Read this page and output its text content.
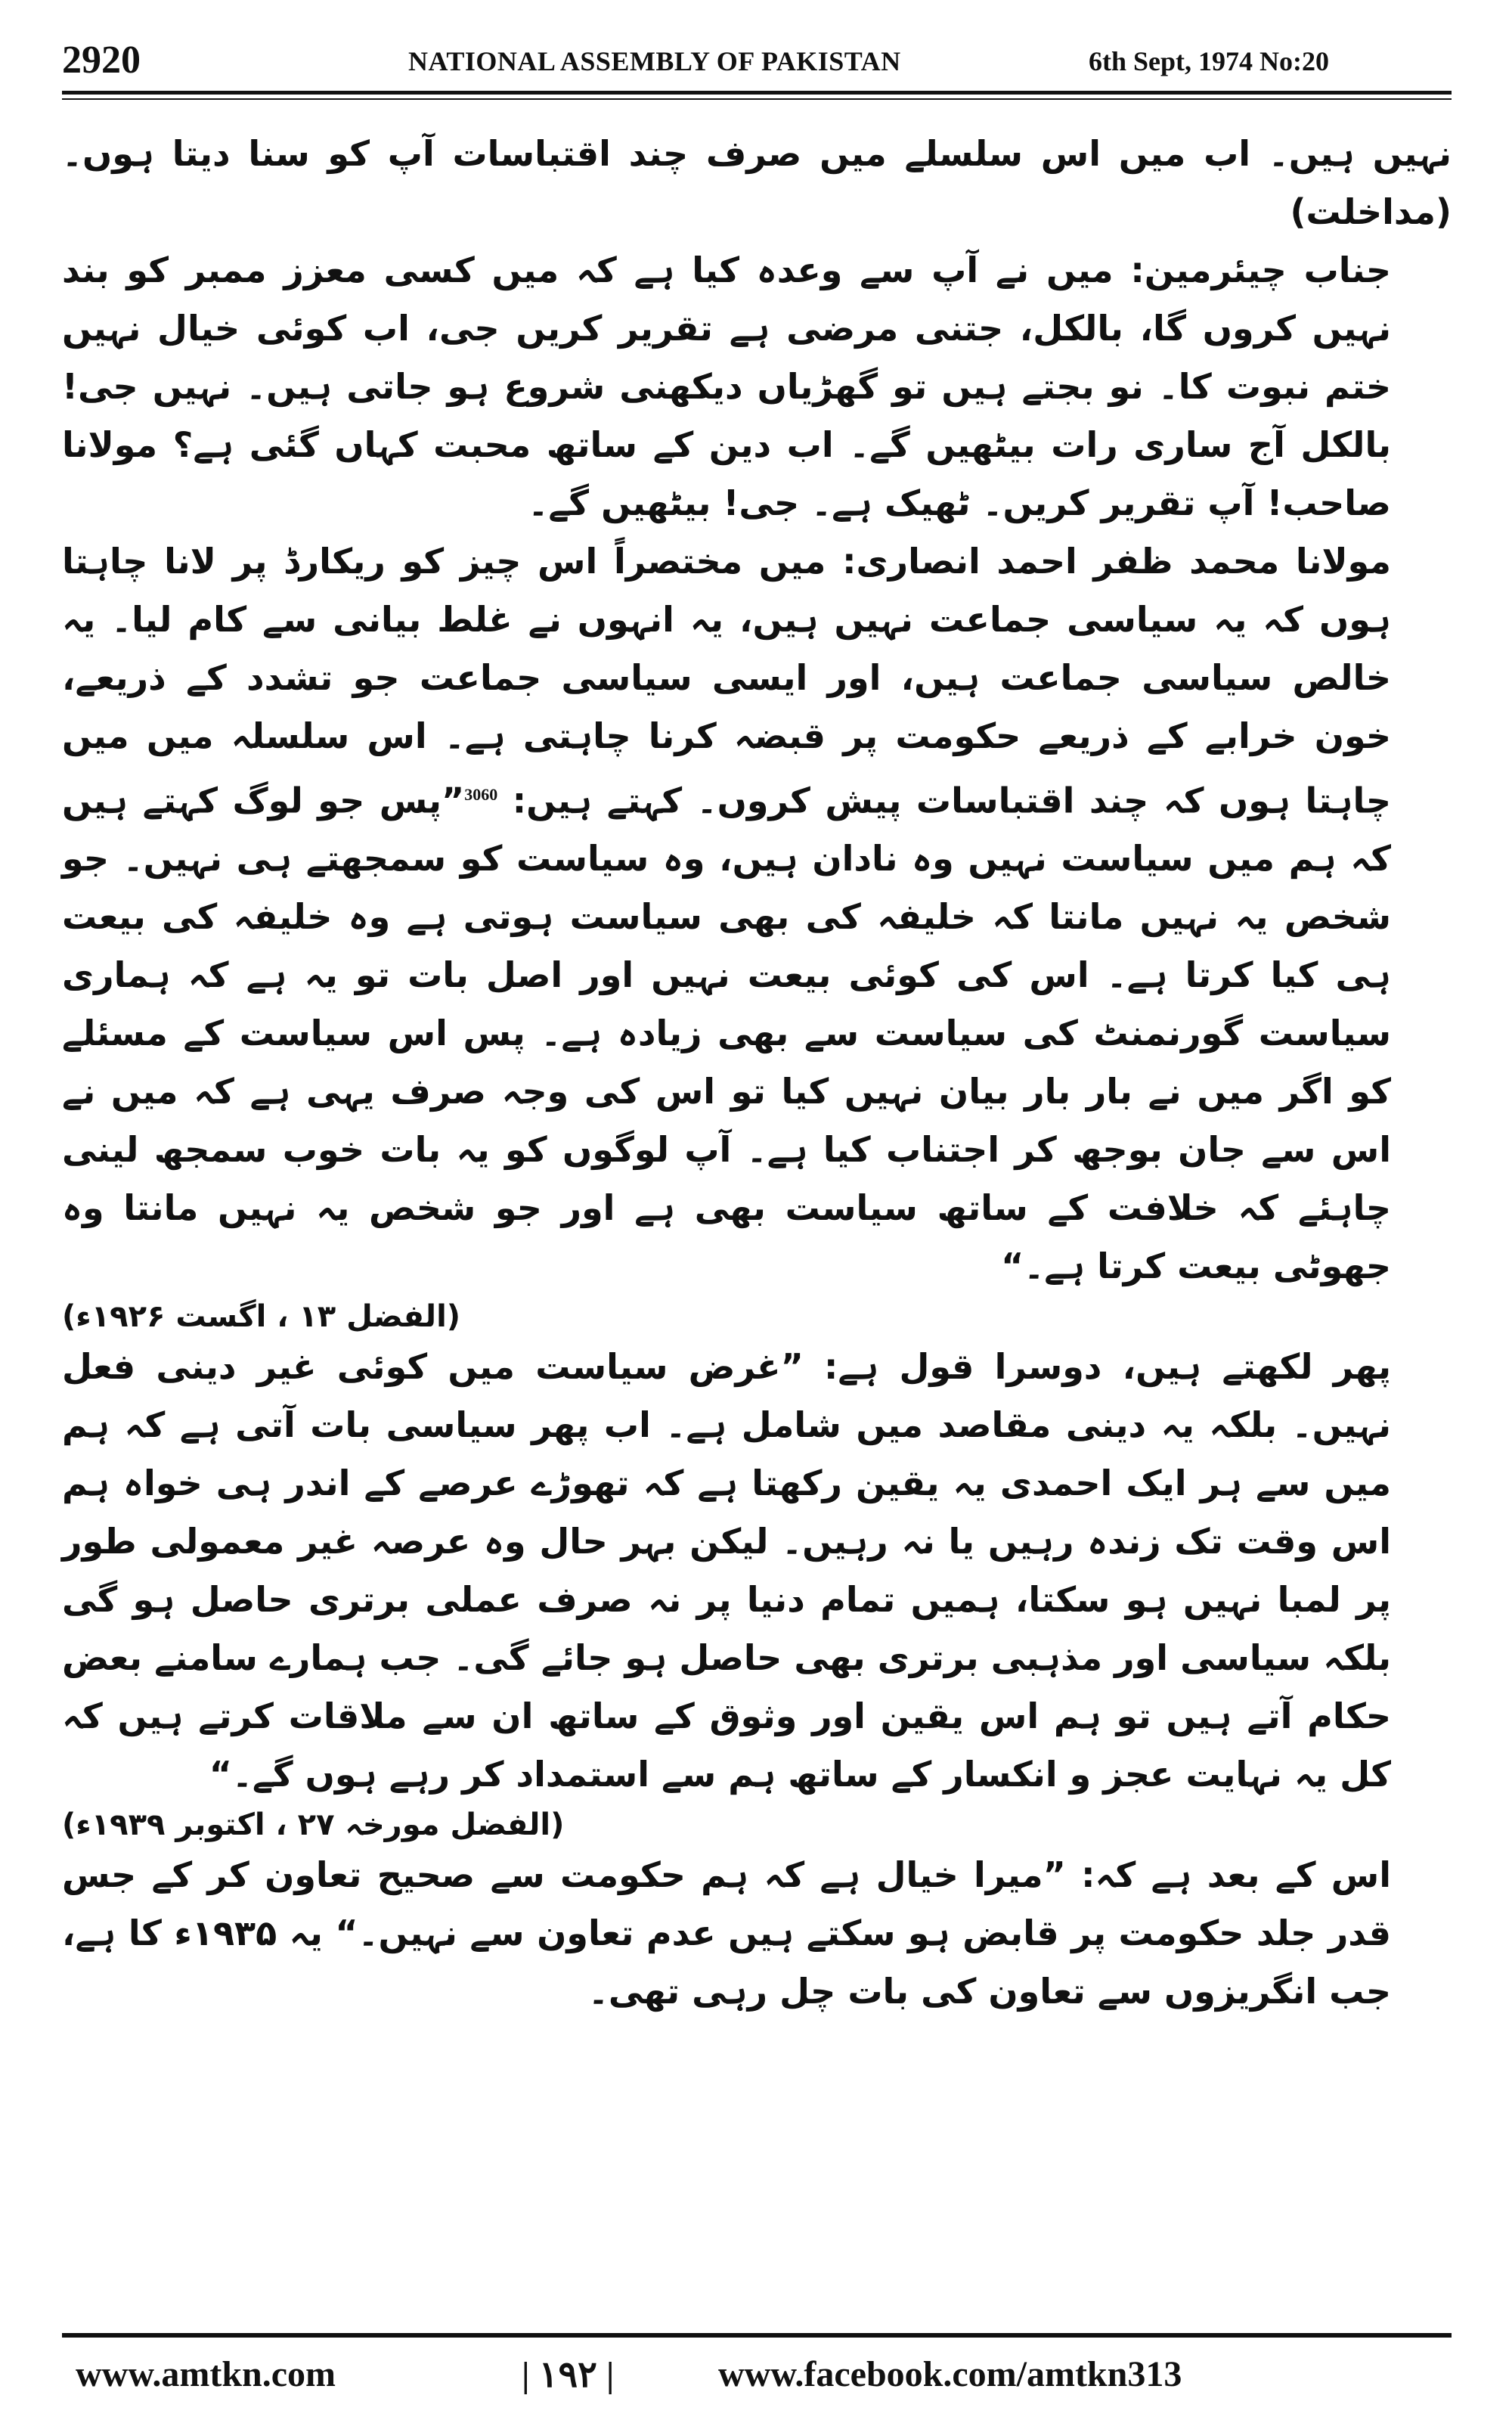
2920	NATIONAL ASSEMBLY OF PAKISTAN	6th Sept, 1974 No:20

نہیں ہیں۔ اب میں اس سلسلے میں صرف چند اقتباسات آپ کو سنا دیتا ہوں۔ (مداخلت)

جناب چیئرمین: میں نے آپ سے وعدہ کیا ہے کہ میں کسی معزز ممبر کو بند نہیں کروں گا، بالکل، جتنی مرضی ہے تقریر کریں جی، اب کوئی خیال نہیں ختم نبوت کا۔ نو بجتے ہیں تو گھڑیاں دیکھنی شروع ہو جاتی ہیں۔ نہیں جی! بالکل آج ساری رات بیٹھیں گے۔ اب دین کے ساتھ محبت کہاں گئی ہے؟ مولانا صاحب! آپ تقریر کریں۔ ٹھیک ہے۔ جی! بیٹھیں گے۔

مولانا محمد ظفر احمد انصاری: میں مختصراً اس چیز کو ریکارڈ پر لانا چاہتا ہوں کہ یہ سیاسی جماعت نہیں ہیں، یہ انہوں نے غلط بیانی سے کام لیا۔ یہ خالص سیاسی جماعت ہیں، اور ایسی سیاسی جماعت جو تشدد کے ذریعے، خون خرابے کے ذریعے حکومت پر قبضہ کرنا چاہتی ہے۔ اس سلسلہ میں میں چاہتا ہوں کہ چند اقتباسات پیش کروں۔ کہتے ہیں: $^{3060}$”پس جو لوگ کہتے ہیں کہ ہم میں سیاست نہیں وہ نادان ہیں، وہ سیاست کو سمجھتے ہی نہیں۔ جو شخص یہ نہیں مانتا کہ خلیفہ کی بھی سیاست ہوتی ہے وہ خلیفہ کی بیعت ہی کیا کرتا ہے۔ اس کی کوئی بیعت نہیں اور اصل بات تو یہ ہے کہ ہماری سیاست گورنمنٹ کی سیاست سے بھی زیادہ ہے۔ پس اس سیاست کے مسئلے کو اگر میں نے بار بار بیان نہیں کیا تو اس کی وجہ صرف یہی ہے کہ میں نے اس سے جان بوجھ کر اجتناب کیا ہے۔ آپ لوگوں کو یہ بات خوب سمجھ لینی چاہئے کہ خلافت کے ساتھ سیاست بھی ہے اور جو شخص یہ نہیں مانتا وہ جھوٹی بیعت کرتا ہے۔“

(الفضل ۱۳ ، اگست ۱۹۲۶ء)

پھر لکھتے ہیں، دوسرا قول ہے: ”غرض سیاست میں کوئی غیر دینی فعل نہیں۔ بلکہ یہ دینی مقاصد میں شامل ہے۔ اب پھر سیاسی بات آتی ہے کہ ہم میں سے ہر ایک احمدی یہ یقین رکھتا ہے کہ تھوڑے عرصے کے اندر ہی خواہ ہم اس وقت تک زندہ رہیں یا نہ رہیں۔ لیکن بہر حال وہ عرصہ غیر معمولی طور پر لمبا نہیں ہو سکتا، ہمیں تمام دنیا پر نہ صرف عملی برتری حاصل ہو گی بلکہ سیاسی اور مذہبی برتری بھی حاصل ہو جائے گی۔ جب ہمارے سامنے بعض حکام آتے ہیں تو ہم اس یقین اور وثوق کے ساتھ ان سے ملاقات کرتے ہیں کہ کل یہ نہایت عجز و انکسار کے ساتھ ہم سے استمداد کر رہے ہوں گے۔“

(الفضل مورخہ ۲۷ ، اکتوبر ۱۹۳۹ء)

اس کے بعد ہے کہ: ”میرا خیال ہے کہ ہم حکومت سے صحیح تعاون کر کے جس قدر جلد حکومت پر قابض ہو سکتے ہیں عدم تعاون سے نہیں۔“ یہ ۱۹۳۵ء کا ہے، جب انگریزوں سے تعاون کی بات چل رہی تھی۔

www.amtkn.com	| ۱۹۲ |	www.facebook.com/amtkn313
